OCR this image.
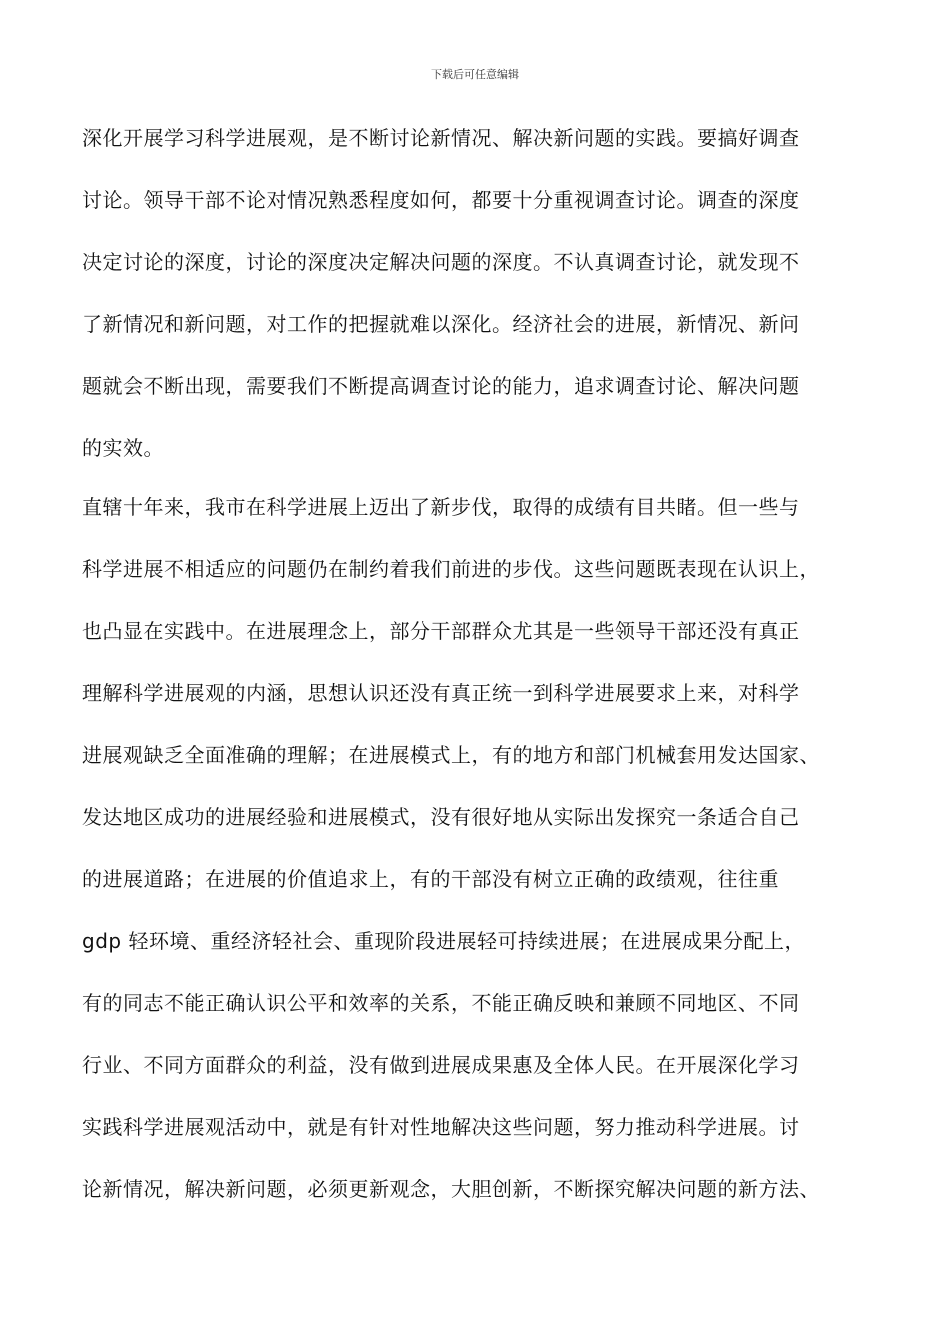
下载后可任意编辑
深化开展学习科学进展观，是不断讨论新情况、解决新问题的实践。要搞好调查
讨论。领导干部不论对情况熟悉程度如何，都要十分重视调查讨论。调查的深度
决定讨论的深度，讨论的深度决定解决问题的深度。不认真调查讨论，就发现不
了新情况和新问题，对工作的把握就难以深化。经济社会的进展，新情况、新问
题就会不断出现，需要我们不断提高调查讨论的能力，追求调查讨论、解决问题
的实效。
直辖十年来，我市在科学进展上迈出了新步伐，取得的成绩有目共睹。但一些与
科学进展不相适应的问题仍在制约着我们前进的步伐。这些问题既表现在认识上，
也凸显在实践中。在进展理念上，部分干部群众尤其是一些领导干部还没有真正
理解科学进展观的内涵，思想认识还没有真正统一到科学进展要求上来，对科学
进展观缺乏全面准确的理解；在进展模式上，有的地方和部门机械套用发达国家、
发达地区成功的进展经验和进展模式，没有很好地从实际出发探究一条适合自己
的进展道路；在进展的价值追求上，有的干部没有树立正确的政绩观，往往重
gdp 轻环境、重经济轻社会、重现阶段进展轻可持续进展；在进展成果分配上，
有的同志不能正确认识公平和效率的关系，不能正确反映和兼顾不同地区、不同
行业、不同方面群众的利益，没有做到进展成果惠及全体人民。在开展深化学习
实践科学进展观活动中，就是有针对性地解决这些问题，努力推动科学进展。讨
论新情况，解决新问题，必须更新观念，大胆创新，不断探究解决问题的新方法、
